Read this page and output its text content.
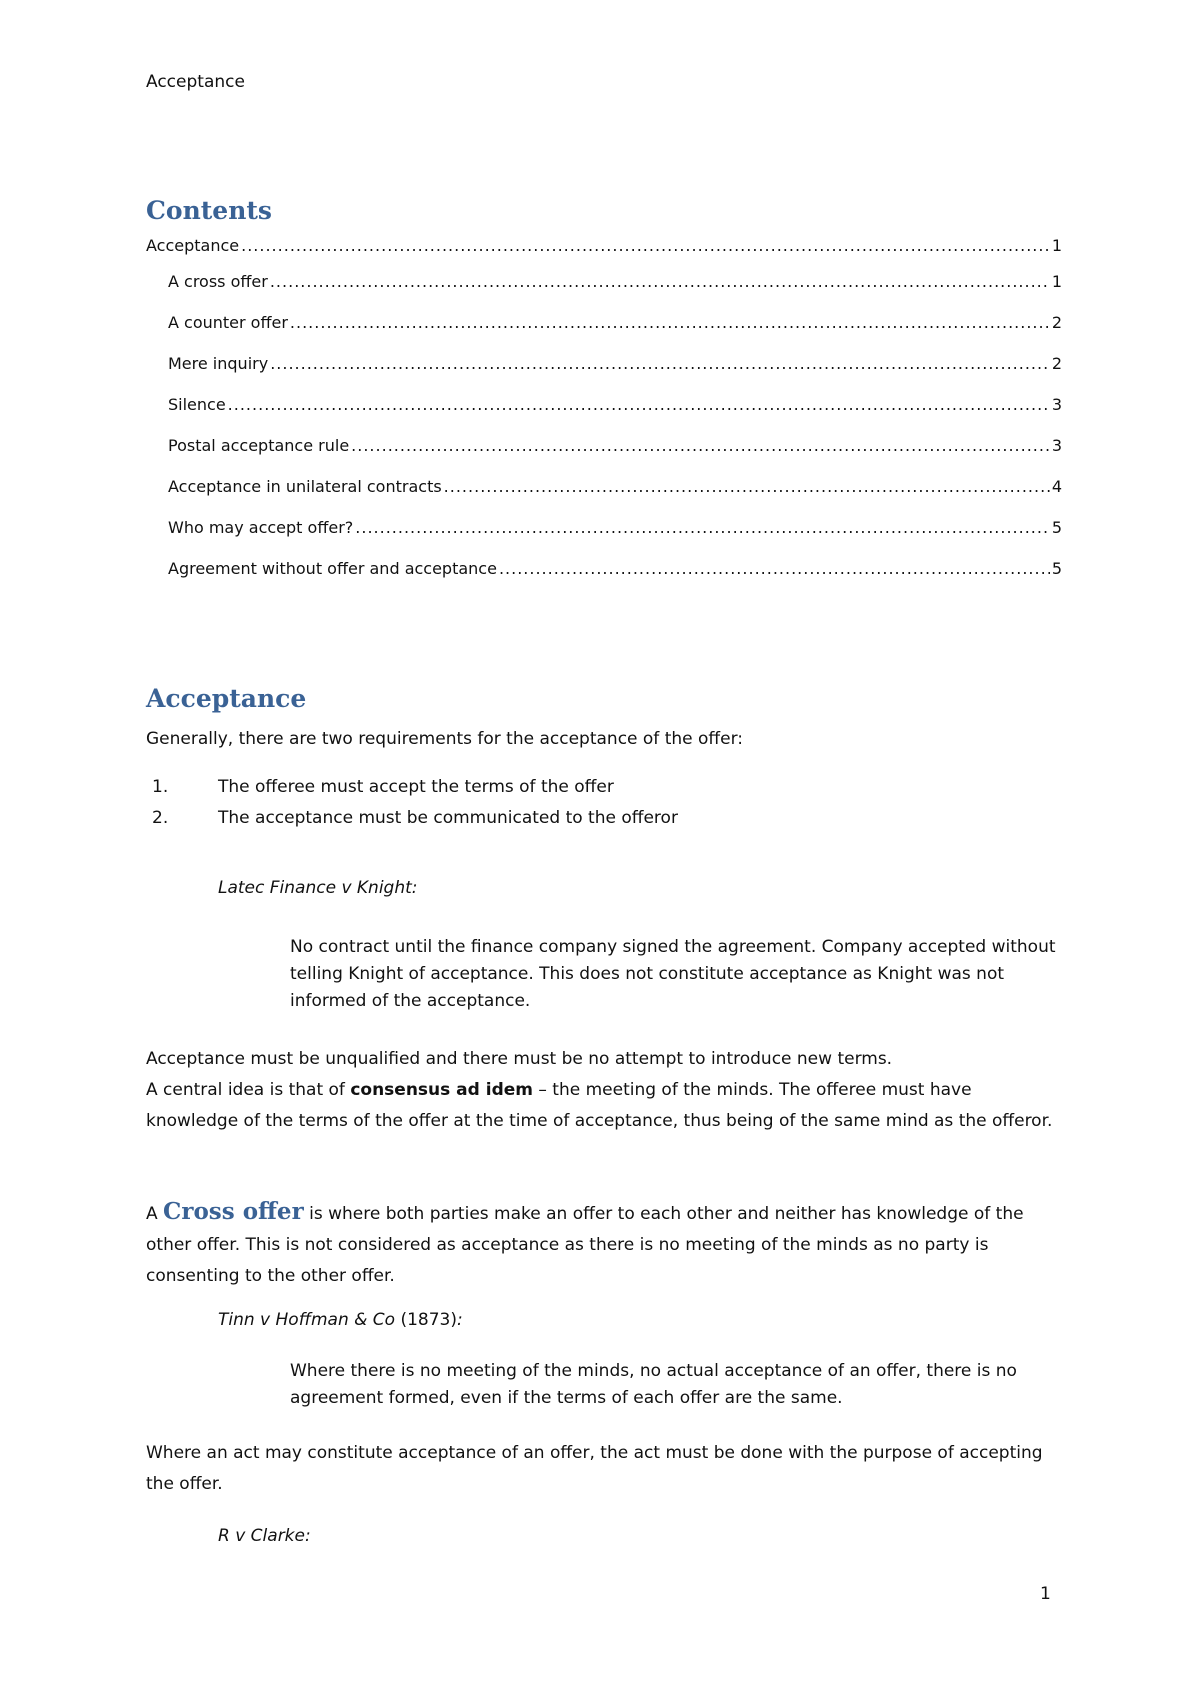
Acceptance
Contents
Acceptance .....	1
A cross offer .....	1
A counter offer .....	2
Mere inquiry .....	2
Silence .....	3
Postal acceptance rule .....	3
Acceptance in unilateral contracts .....	4
Who may accept offer? .....	5
Agreement without offer and acceptance .....	5
Acceptance

Generally, there are two requirements for the acceptance of the offer:

1.	The offeree must accept the terms of the offer
2.	The acceptance must be communicated to the offeror

Latec Finance v Knight:

No contract until the finance company signed the agreement. Company accepted without telling Knight of acceptance. This does not constitute acceptance as Knight was not informed of the acceptance.

Acceptance must be unqualified and there must be no attempt to introduce new terms.

A central idea is that of consensus ad idem – the meeting of the minds. The offeree must have knowledge of the terms of the offer at the time of acceptance, thus being of the same mind as the offeror.

A Cross offer is where both parties make an offer to each other and neither has knowledge of the other offer. This is not considered as acceptance as there is no meeting of the minds as no party is consenting to the other offer.

Tinn v Hoffman & Co (1873):

Where there is no meeting of the minds, no actual acceptance of an offer, there is no agreement formed, even if the terms of each offer are the same.

Where an act may constitute acceptance of an offer, the act must be done with the purpose of accepting the offer.

R v Clarke:

1
